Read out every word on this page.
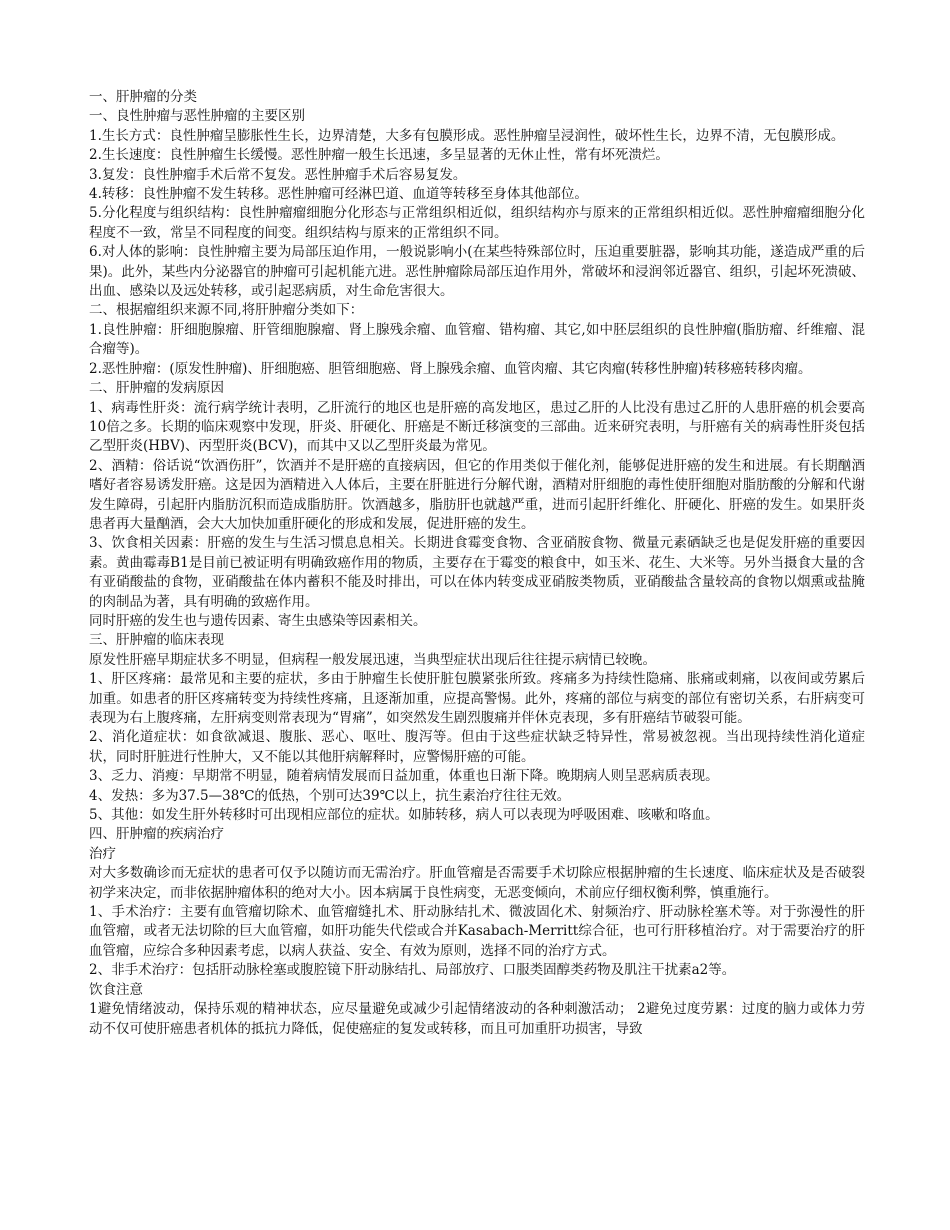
一、肝肿瘤的分类

一、良性肿瘤与恶性肿瘤的主要区别

1.生长方式：良性肿瘤呈膨胀性生长，边界清楚，大多有包膜形成。恶性肿瘤呈浸润性，破坏性生长，边界不清，无包膜形成。

2.生长速度：良性肿瘤生长缓慢。恶性肿瘤一般生长迅速，多呈显著的无休止性，常有坏死溃烂。

3.复发：良性肿瘤手术后常不复发。恶性肿瘤手术后容易复发。

4.转移：良性肿瘤不发生转移。恶性肿瘤可经淋巴道、血道等转移至身体其他部位。

5.分化程度与组织结构：良性肿瘤瘤细胞分化形态与正常组织相近似，组织结构亦与原来的正常组织相近似。恶性肿瘤瘤细胞分化程度不一致，常呈不同程度的间变。组织结构与原来的正常组织不同。

6.对人体的影响：良性肿瘤主要为局部压迫作用，一般说影响小(在某些特殊部位时，压迫重要脏器，影响其功能，遂造成严重的后果)。此外，某些内分泌器官的肿瘤可引起机能亢进。恶性肿瘤除局部压迫作用外，常破坏和浸润邻近器官、组织，引起坏死溃破、出血、感染以及远处转移，或引起恶病质，对生命危害很大。

二、根据瘤组织来源不同,将肝肿瘤分类如下：

1.良性肿瘤：肝细胞腺瘤、肝管细胞腺瘤、肾上腺残余瘤、血管瘤、错构瘤、其它,如中胚层组织的良性肿瘤(脂肪瘤、纤维瘤、混合瘤等)。

2.恶性肿瘤：(原发性肿瘤)、肝细胞癌、胆管细胞癌、肾上腺残余瘤、血管肉瘤、其它肉瘤(转移性肿瘤)转移癌转移肉瘤。

二、肝肿瘤的发病原因

1、病毒性肝炎：流行病学统计表明，乙肝流行的地区也是肝癌的高发地区，患过乙肝的人比没有患过乙肝的人患肝癌的机会要高10倍之多。长期的临床观察中发现，肝炎、肝硬化、肝癌是不断迁移演变的三部曲。近来研究表明，与肝癌有关的病毒性肝炎包括乙型肝炎(HBV)、丙型肝炎(BCV)，而其中又以乙型肝炎最为常见。

2、酒精：俗话说“饮酒伤肝”，饮酒并不是肝癌的直接病因，但它的作用类似于催化剂，能够促进肝癌的发生和进展。有长期酗酒嗜好者容易诱发肝癌。这是因为酒精进入人体后，主要在肝脏进行分解代谢，酒精对肝细胞的毒性使肝细胞对脂肪酸的分解和代谢发生障碍，引起肝内脂肪沉积而造成脂肪肝。饮酒越多，脂肪肝也就越严重，进而引起肝纤维化、肝硬化、肝癌的发生。如果肝炎患者再大量酗酒，会大大加快加重肝硬化的形成和发展，促进肝癌的发生。

3、饮食相关因素：肝癌的发生与生活习惯息息相关。长期进食霉变食物、含亚硝胺食物、微量元素硒缺乏也是促发肝癌的重要因素。黄曲霉毒B1是目前已被证明有明确致癌作用的物质，主要存在于霉变的粮食中，如玉米、花生、大米等。另外当摄食大量的含有亚硝酸盐的食物，亚硝酸盐在体内蓄积不能及时排出，可以在体内转变成亚硝胺类物质，亚硝酸盐含量较高的食物以烟熏或盐腌的肉制品为著，具有明确的致癌作用。

同时肝癌的发生也与遗传因素、寄生虫感染等因素相关。

三、肝肿瘤的临床表现

原发性肝癌早期症状多不明显，但病程一般发展迅速，当典型症状出现后往往提示病情已较晚。

1、肝区疼痛：最常见和主要的症状，多由于肿瘤生长使肝脏包膜紧张所致。疼痛多为持续性隐痛、胀痛或刺痛，以夜间或劳累后加重。如患者的肝区疼痛转变为持续性疼痛，且逐渐加重，应提高警惕。此外，疼痛的部位与病变的部位有密切关系，右肝病变可表现为右上腹疼痛，左肝病变则常表现为“胃痛”，如突然发生剧烈腹痛并伴休克表现，多有肝癌结节破裂可能。

2、消化道症状：如食欲减退、腹胀、恶心、呕吐、腹泻等。但由于这些症状缺乏特异性，常易被忽视。当出现持续性消化道症状，同时肝脏进行性肿大，又不能以其他肝病解释时，应警惕肝癌的可能。

3、乏力、消瘦：早期常不明显，随着病情发展而日益加重，体重也日渐下降。晚期病人则呈恶病质表现。

4、发热：多为37.5—38℃的低热，个别可达39℃以上，抗生素治疗往往无效。

5、其他：如发生肝外转移时可出现相应部位的症状。如肺转移，病人可以表现为呼吸困难、咳嗽和咯血。

四、肝肿瘤的疾病治疗

治疗

对大多数确诊而无症状的患者可仅予以随访而无需治疗。肝血管瘤是否需要手术切除应根据肿瘤的生长速度、临床症状及是否破裂初学来决定，而非依据肿瘤体积的绝对大小。因本病属于良性病变，无恶变倾向，术前应仔细权衡利弊，慎重施行。

1、手术治疗：主要有血管瘤切除术、血管瘤缝扎术、肝动脉结扎术、微波固化术、射频治疗、肝动脉栓塞术等。对于弥漫性的肝血管瘤，或者无法切除的巨大血管瘤，如肝功能失代偿或合并Kasabach-Merritt综合征，也可行肝移植治疗。对于需要治疗的肝血管瘤，应综合多种因素考虑，以病人获益、安全、有效为原则，选择不同的治疗方式。

2、非手术治疗：包括肝动脉栓塞或腹腔镜下肝动脉结扎、局部放疗、口服类固醇类药物及肌注干扰素a2等。

饮食注意

1避免情绪波动，保持乐观的精神状态，应尽量避免或减少引起情绪波动的各种刺激活动； 2避免过度劳累：过度的脑力或体力劳动不仅可使肝癌患者机体的抵抗力降低，促使癌症的复发或转移，而且可加重肝功损害，导致
